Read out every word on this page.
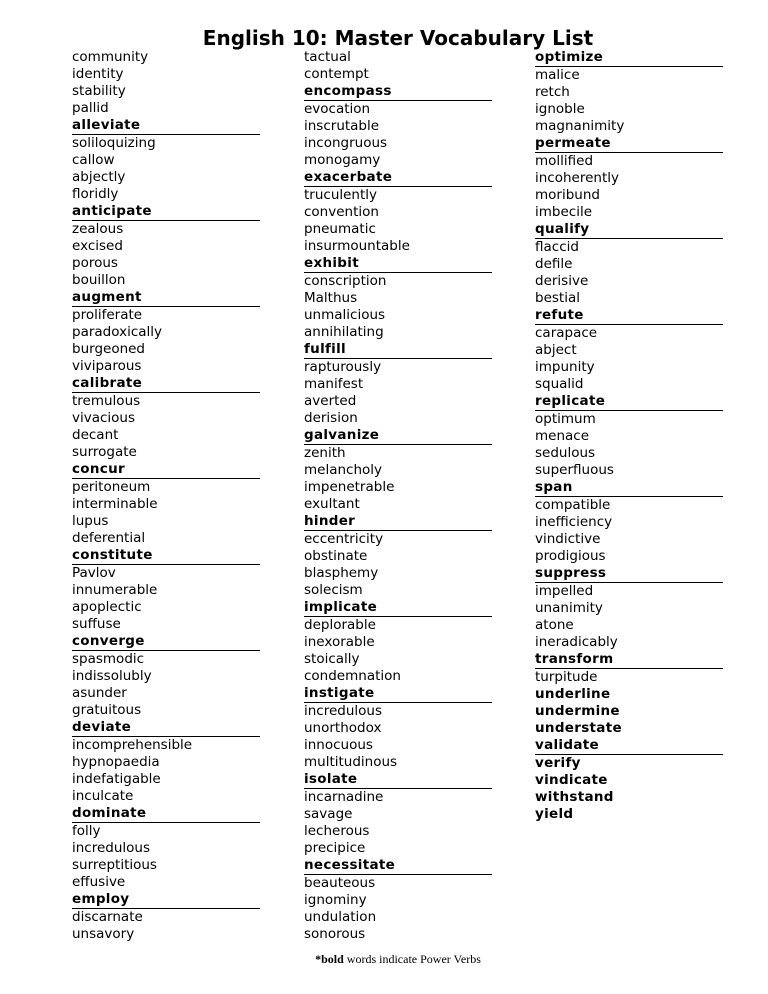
English 10: Master Vocabulary List
community
identity
stability
pallid
alleviate
soliloquizing
callow
abjectly
floridly
anticipate
zealous
excised
porous
bouillon
augment
proliferate
paradoxically
burgeoned
viviparous
calibrate
tremulous
vivacious
decant
surrogate
concur
peritoneum
interminable
lupus
deferential
constitute
Pavlov
innumerable
apoplectic
suffuse
converge
spasmodic
indissolubly
asunder
gratuitous
deviate
incomprehensible
hypnopaedia
indefatigable
inculcate
dominate
folly
incredulous
surreptitious
effusive
employ
discarnate
unsavory
tactual
contempt
encompass
evocation
inscrutable
incongruous
monogamy
exacerbate
truculently
convention
pneumatic
insurmountable
exhibit
conscription
Malthus
unmalicious
annihilating
fulfill
rapturously
manifest
averted
derision
galvanize
zenith
melancholy
impenetrable
exultant
hinder
eccentricity
obstinate
blasphemy
solecism
implicate
deplorable
inexorable
stoically
condemnation
instigate
incredulous
unorthodox
innocuous
multitudinous
isolate
incarnadine
savage
lecherous
precipice
necessitate
beauteous
ignominy
undulation
sonorous
optimize
malice
retch
ignoble
magnanimity
permeate
mollified
incoherently
moribund
imbecile
qualify
flaccid
defile
derisive
bestial
refute
carapace
abject
impunity
squalid
replicate
optimum
menace
sedulous
superfluous
span
compatible
inefficiency
vindictive
prodigious
suppress
impelled
unanimity
atone
ineradicably
transform
turpitude
underline
undermine
understate
validate
verify
vindicate
withstand
yield
*bold words indicate Power Verbs
